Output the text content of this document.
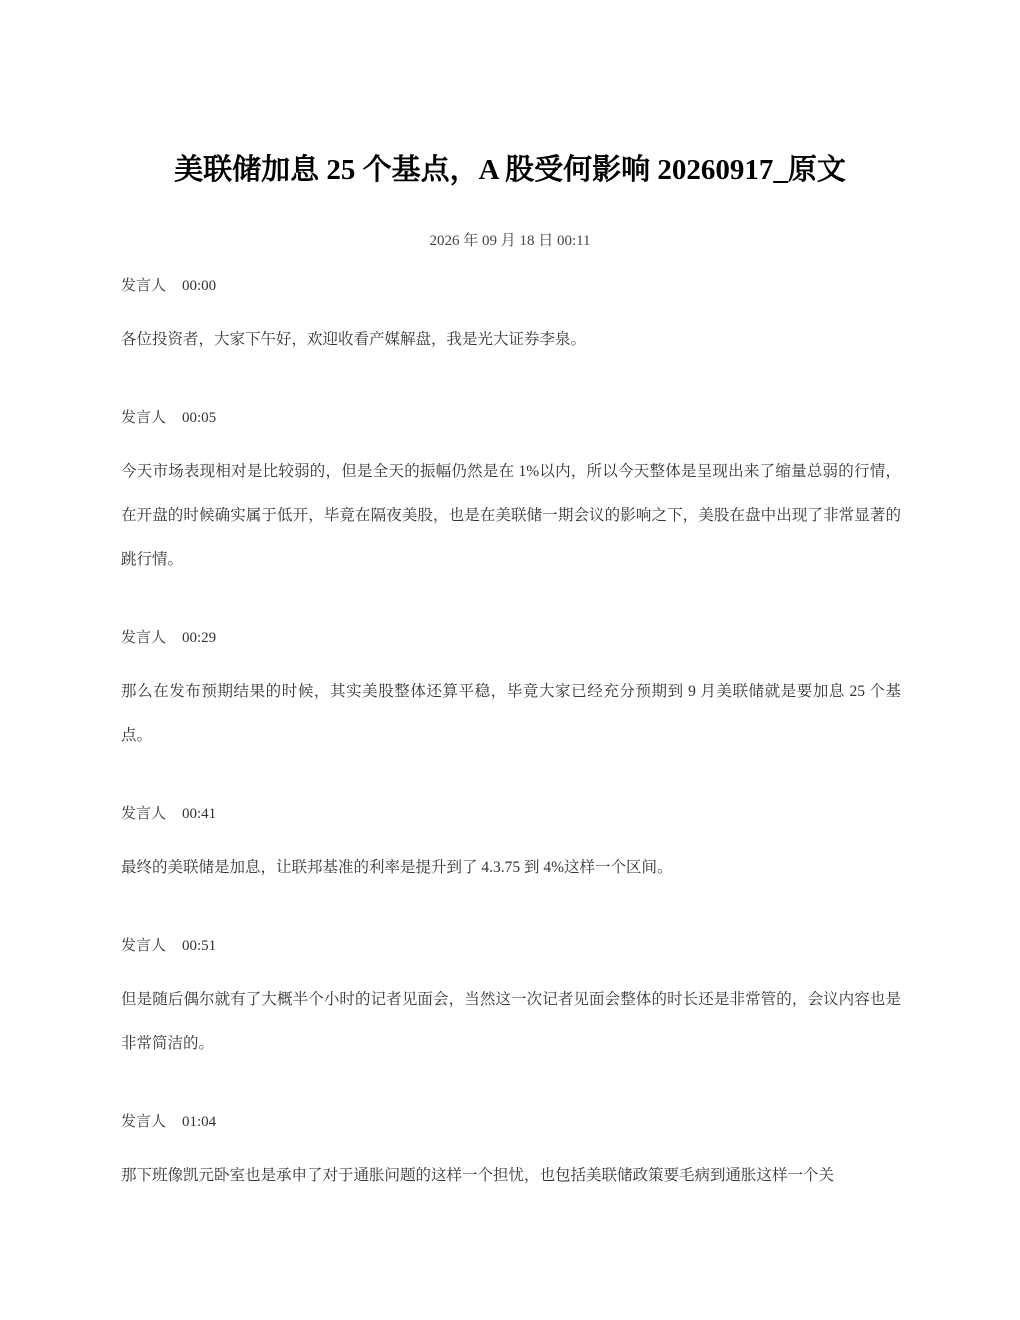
美联储加息 25 个基点，A 股受何影响 20260917_原文
2026 年 09 月 18 日 00:11
发言人 00:00

各位投资者，大家下午好，欢迎收看产媒解盘，我是光大证券李泉。

发言人 00:05

今天市场表现相对是比较弱的，但是全天的振幅仍然是在 1%以内，所以今天整体是呈现出来了缩量总弱的行情，在开盘的时候确实属于低开，毕竟在隔夜美股，也是在美联储一期会议的影响之下，美股在盘中出现了非常显著的跳行情。

发言人 00:29

那么在发布预期结果的时候，其实美股整体还算平稳，毕竟大家已经充分预期到 9 月美联储就是要加息 25 个基点。

发言人 00:41

最终的美联储是加息，让联邦基准的利率是提升到了 4.3.75 到 4%这样一个区间。

发言人 00:51

但是随后偶尔就有了大概半个小时的记者见面会，当然这一次记者见面会整体的时长还是非常管的，会议内容也是非常简洁的。

发言人 01:04

那下班像凯元卧室也是承申了对于通胀问题的这样一个担忧，也包括美联储政策要毛病到通胀这样一个关
